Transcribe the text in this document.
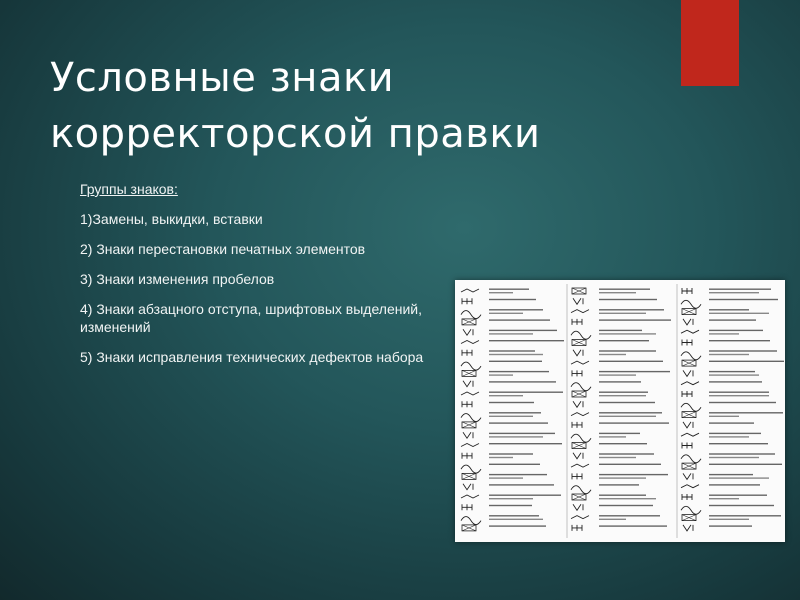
Условные знаки
корректорской правки

Группы знаков:

1)Замены, выкидки, вставки

2) Знаки перестановки печатных элементов

3) Знаки изменения пробелов

4) Знаки абзацного отступа, шрифтовых выделений, изменений

5) Знаки исправления технических дефектов набора
